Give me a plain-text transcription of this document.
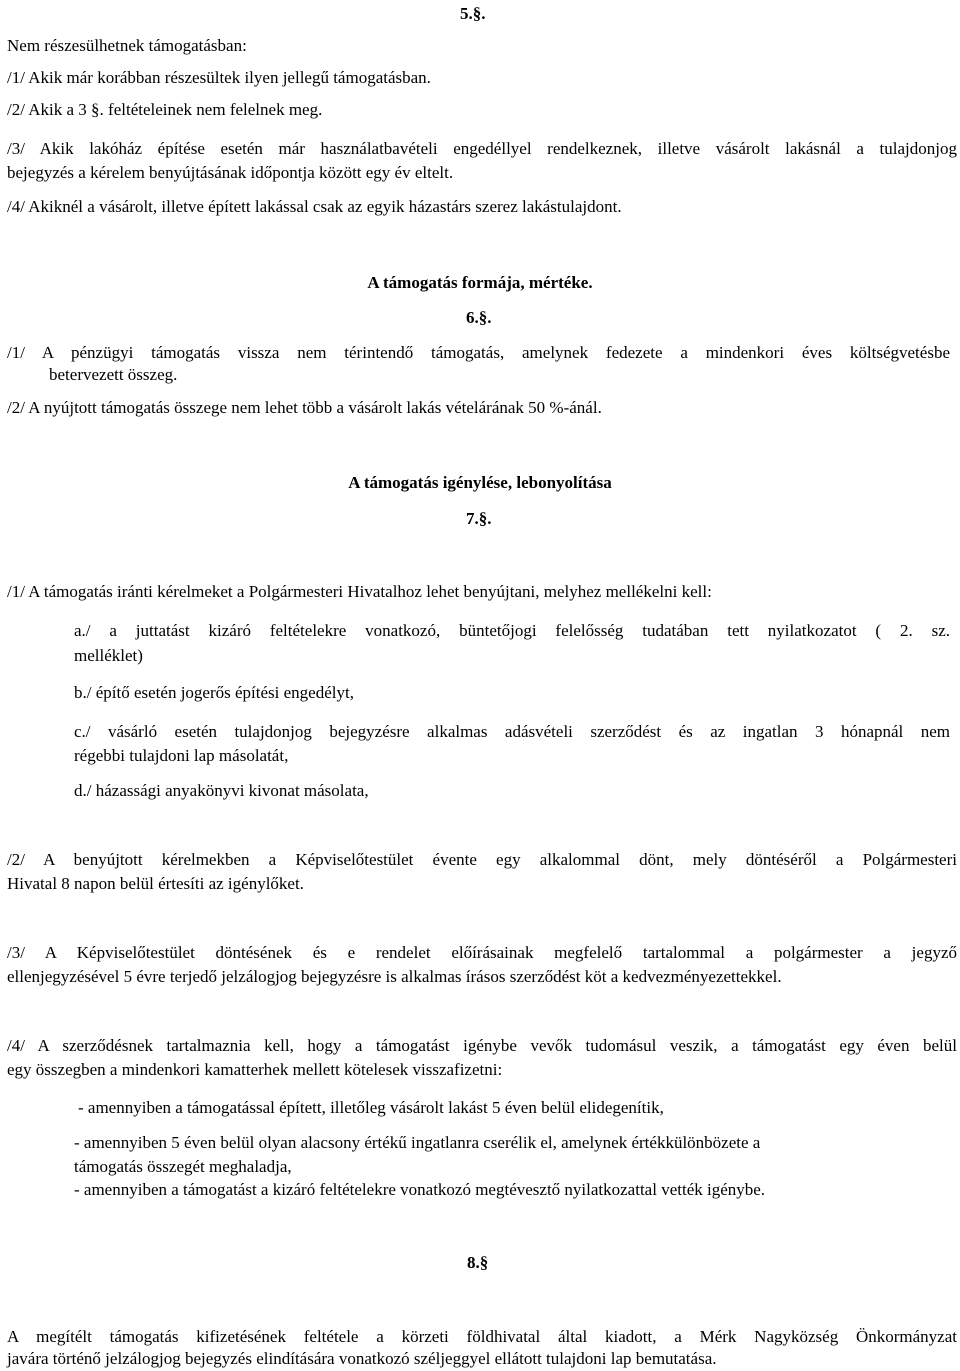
5.§.
Nem részesülhetnek támogatásban:
/1/ Akik már korábban részesültek ilyen jellegű támogatásban.
/2/ Akik a 3 §. feltételeinek nem felelnek meg.
/3/ Akik lakóház építése esetén már használatbavételi engedéllyel rendelkeznek, illetve vásárolt lakásnál a tulajdonjog
bejegyzés a kérelem benyújtásának időpontja között egy év eltelt.
/4/ Akiknél a vásárolt, illetve épített lakással csak az egyik házastárs szerez lakástulajdont.
A támogatás formája, mértéke.
6.§.
/1/ A pénzügyi támogatás vissza nem térintendő támogatás, amelynek fedezete a mindenkori éves költségvetésbe
betervezett összeg.
/2/ A nyújtott támogatás összege nem lehet több a vásárolt lakás vételárának 50 %-ánál.
A támogatás igénylése, lebonyolítása
7.§.
/1/ A támogatás iránti kérelmeket a Polgármesteri Hivatalhoz lehet benyújtani, melyhez mellékelni kell:
a./ a juttatást kizáró feltételekre vonatkozó, büntetőjogi felelősség tudatában tett nyilatkozatot ( 2. sz.
melléklet)
b./ építő esetén jogerős építési engedélyt,
c./ vásárló esetén tulajdonjog bejegyzésre alkalmas adásvételi szerződést és az ingatlan 3 hónapnál nem
régebbi tulajdoni lap másolatát,
d./ házassági anyakönyvi kivonat másolata,
/2/ A benyújtott kérelmekben a Képviselőtestület évente egy alkalommal dönt, mely döntéséről a Polgármesteri
Hivatal 8 napon belül értesíti az igénylőket.
/3/ A Képviselőtestület döntésének és e rendelet előírásainak megfelelő tartalommal a polgármester a jegyző
ellenjegyzésével 5 évre terjedő jelzálogjog bejegyzésre is alkalmas írásos szerződést köt a kedvezményezettekkel.
/4/ A szerződésnek tartalmaznia kell, hogy a támogatást igénybe vevők tudomásul veszik, a támogatást egy éven belül
egy összegben a mindenkori kamatterhek mellett kötelesek visszafizetni:
- amennyiben a támogatással épített, illetőleg vásárolt lakást 5 éven belül elidegenítik,
- amennyiben 5 éven belül olyan alacsony értékű ingatlanra cserélik el, amelynek értékkülönbözete a
támogatás összegét meghaladja,
- amennyiben a támogatást a kizáró feltételekre vonatkozó megtévesztő nyilatkozattal vették igénybe.
8.§
A megítélt támogatás kifizetésének feltétele a körzeti földhivatal által kiadott, a Mérk Nagyközség Önkormányzat
javára történő jelzálogjog bejegyzés elindítására vonatkozó széljeggyel ellátott tulajdoni lap bemutatása.
